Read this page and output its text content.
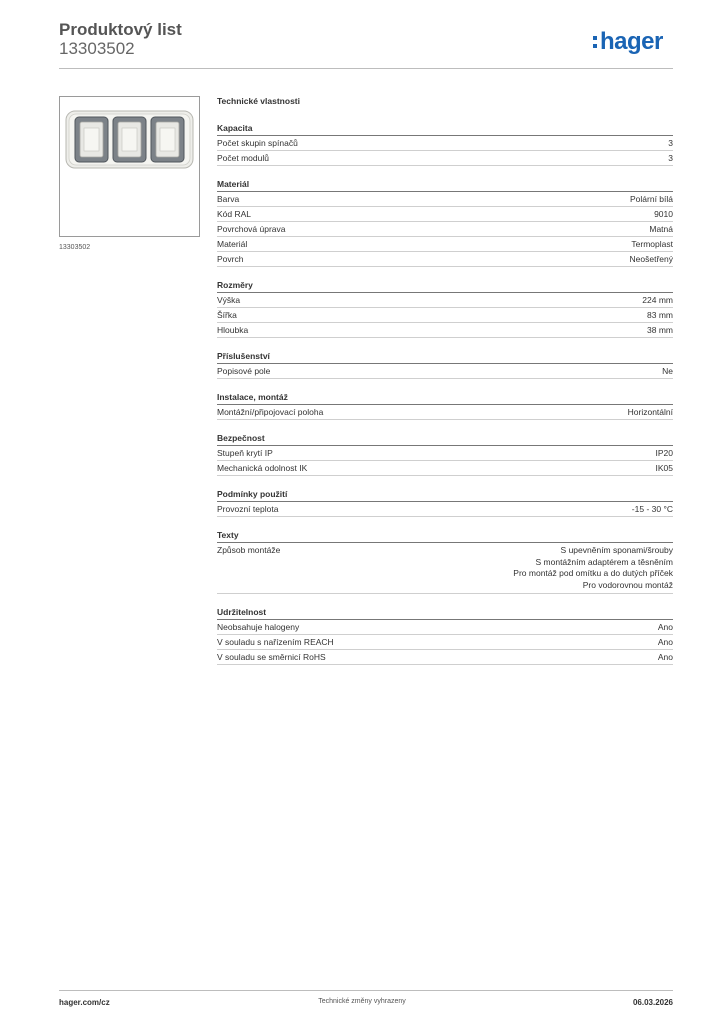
Produktový list
13303502	hager
13303502
Technické vlastnosti
Kapacita
Počet skupin spínačů	3
Počet modulů	3
Materiál
Barva	Polární bílá
Kód RAL	9010
Povrchová úprava	Matná
Materiál	Termoplast
Povrch	Neošetřený
Rozměry
Výška	224 mm
Šířka	83 mm
Hloubka	38 mm
Příslušenství
Popisové pole	Ne
Instalace, montáž
Montážní/připojovací poloha	Horizontální
Bezpečnost
Stupeň krytí IP	IP20
Mechanická odolnost IK	IK05
Podmínky použití
Provozní teplota	-15 - 30 °C
Texty
Způsob montáže	S upevněním sponami/šrouby
S montážním adaptérem a těsněním
Pro montáž pod omítku a do dutých příček
Pro vodorovnou montáž
Udržitelnost
Neobsahuje halogeny	Ano
V souladu s nařízením REACH	Ano
V souladu se směrnicí RoHS	Ano
hager.com/cz	Technické změny vyhrazeny	06.03.2026
